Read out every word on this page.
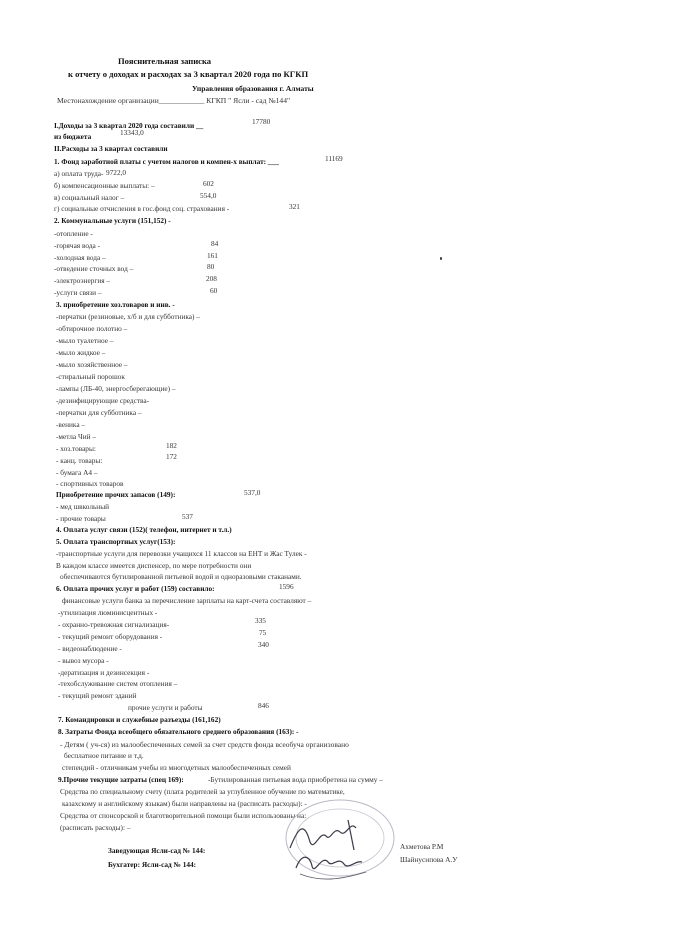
Пояснительная записка
к отчету о доходах и расходах за 3 квартал 2020 года по КГКП
Управления образования г. Алматы
Местонахождение организации____________ КГКП " Ясли - сад №144"
I.Доходы за 3 квартал 2020 года составили __	17780
из бюджета	13343,0
II.Расходы за 3 квартал составили
1. Фонд заработной платы с учетом налогов и компен-х выплат: ___	11169
а) оплата труда- 9722,0
б) компенсационные выплаты: –	602
в) социальный налог –	554,0
г) социальные отчисления в гос.фонд соц. страхования -	321
2. Коммунальные услуги (151,152) -
-отопление -
-горячая вода -	84
-холодная вода –	161
-отведение сточных вод –	80
-электроэнергия –	208
-услуги связи –	60
3. приобретение хоз.товаров и инв. -
-перчатки (резиновые, х/б и для субботника) –
-обтирочное полотно –
-мыло туалетное –
-мыло жидкое –
-мыло хозяйственное –
-стиральный порошок
-лампы (ЛБ-40, энергосберегающие) –
-дезинфицирующие средства-
-перчатки для субботника –
-веника –
-метла Чий –
- хоз.товары:	182
- канц. товары:	172
- бумага А4 –
- спортивных товаров
Приобретение прочих запасов (149):	537,0
- мед швкольный
- прочие товары	537
4. Оплата услуг связи (152)( телефон, интернет и т.л.)
5. Оплата транспортных услуг(153):
-транспортные услуги для перевозки учащихся 11 классов на ЕНТ и Жас Тулек -
В каждом классе имеется диспенсер, по мере потребности они
обеспечиваются бутилированной питьевой водой и одноразовыми стаканами.
6. Оплата прочих услуг и работ (159) составило:	1596
финансовые услуги банка за перечисление зарплаты на карт-счета составляют –
-утилизация люминисцентных -
- охранно-тревожная сигнализация-	335
- текущий ремонт оборудования -	75
- видеонаблюдение -	340
- вывоз мусора -
-дератизация и дезинсекция -
-техобслуживание систем отопления –
- текущий ремонт зданий
прочие услуги и работы	846
7. Командировки и служебные разъезды (161,162)
8. Затраты Фонда всеобщего обязательного среднего образования (163): -
- Детям ( уч-ся) из малообеспеченных семей за счет средств фонда всеобуча организовано
бесплатное питание и т.д.
степендий - отличникам учебы из многодетных малообеспеченных семей
9.Прочие текущие затраты (спец 169):	-Бутилированная питьевая вода приобретена на сумму –
Средства по специальному счету (плата родителей за углубленное обучение по математике,
казахскому и английскому языкам) были направлены на (расписать расходы): -
Средства от спонсорской и благотворительной помощи были использованы на:
(расписать расходы): –
Заведующая Ясли-сад № 144:	Ахметова Р.М
Бухгатер: Ясли-сад № 144:
Шайнусипова А.У
